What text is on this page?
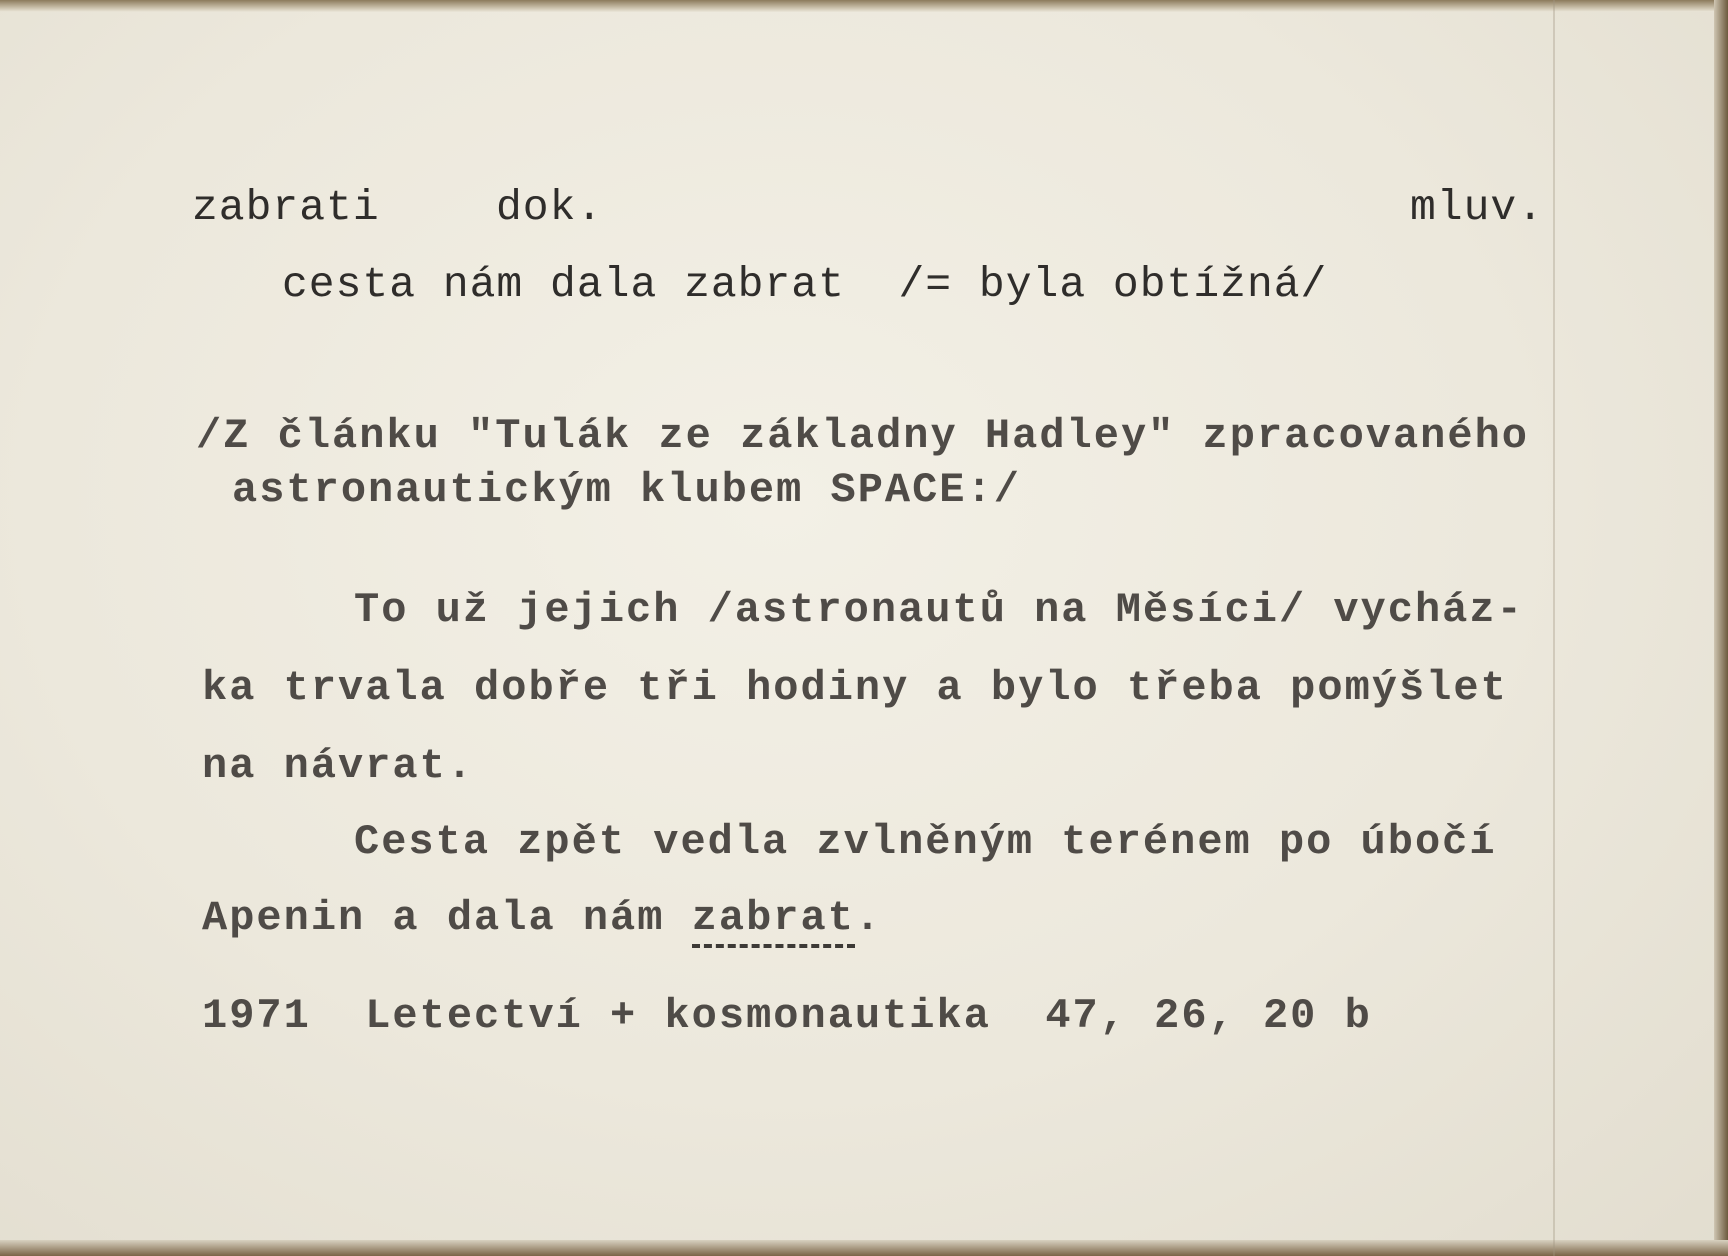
zabrati	dok.	mluv.
cesta nám dala zabrat  /= byla obtížná/
/Z článku "Tulák ze základny Hadley" zpracovaného
astronautickým klubem SPACE:/
To už jejich /astronautů na Měsíci/ vycház-
ka trvala dobře tři hodiny a bylo třeba pomýšlet
na návrat.
Cesta zpět vedla zvlněným terénem po úbočí
Apenin a dala nám zabrat.
1971  Letectví + kosmonautika  47, 26, 20 b
